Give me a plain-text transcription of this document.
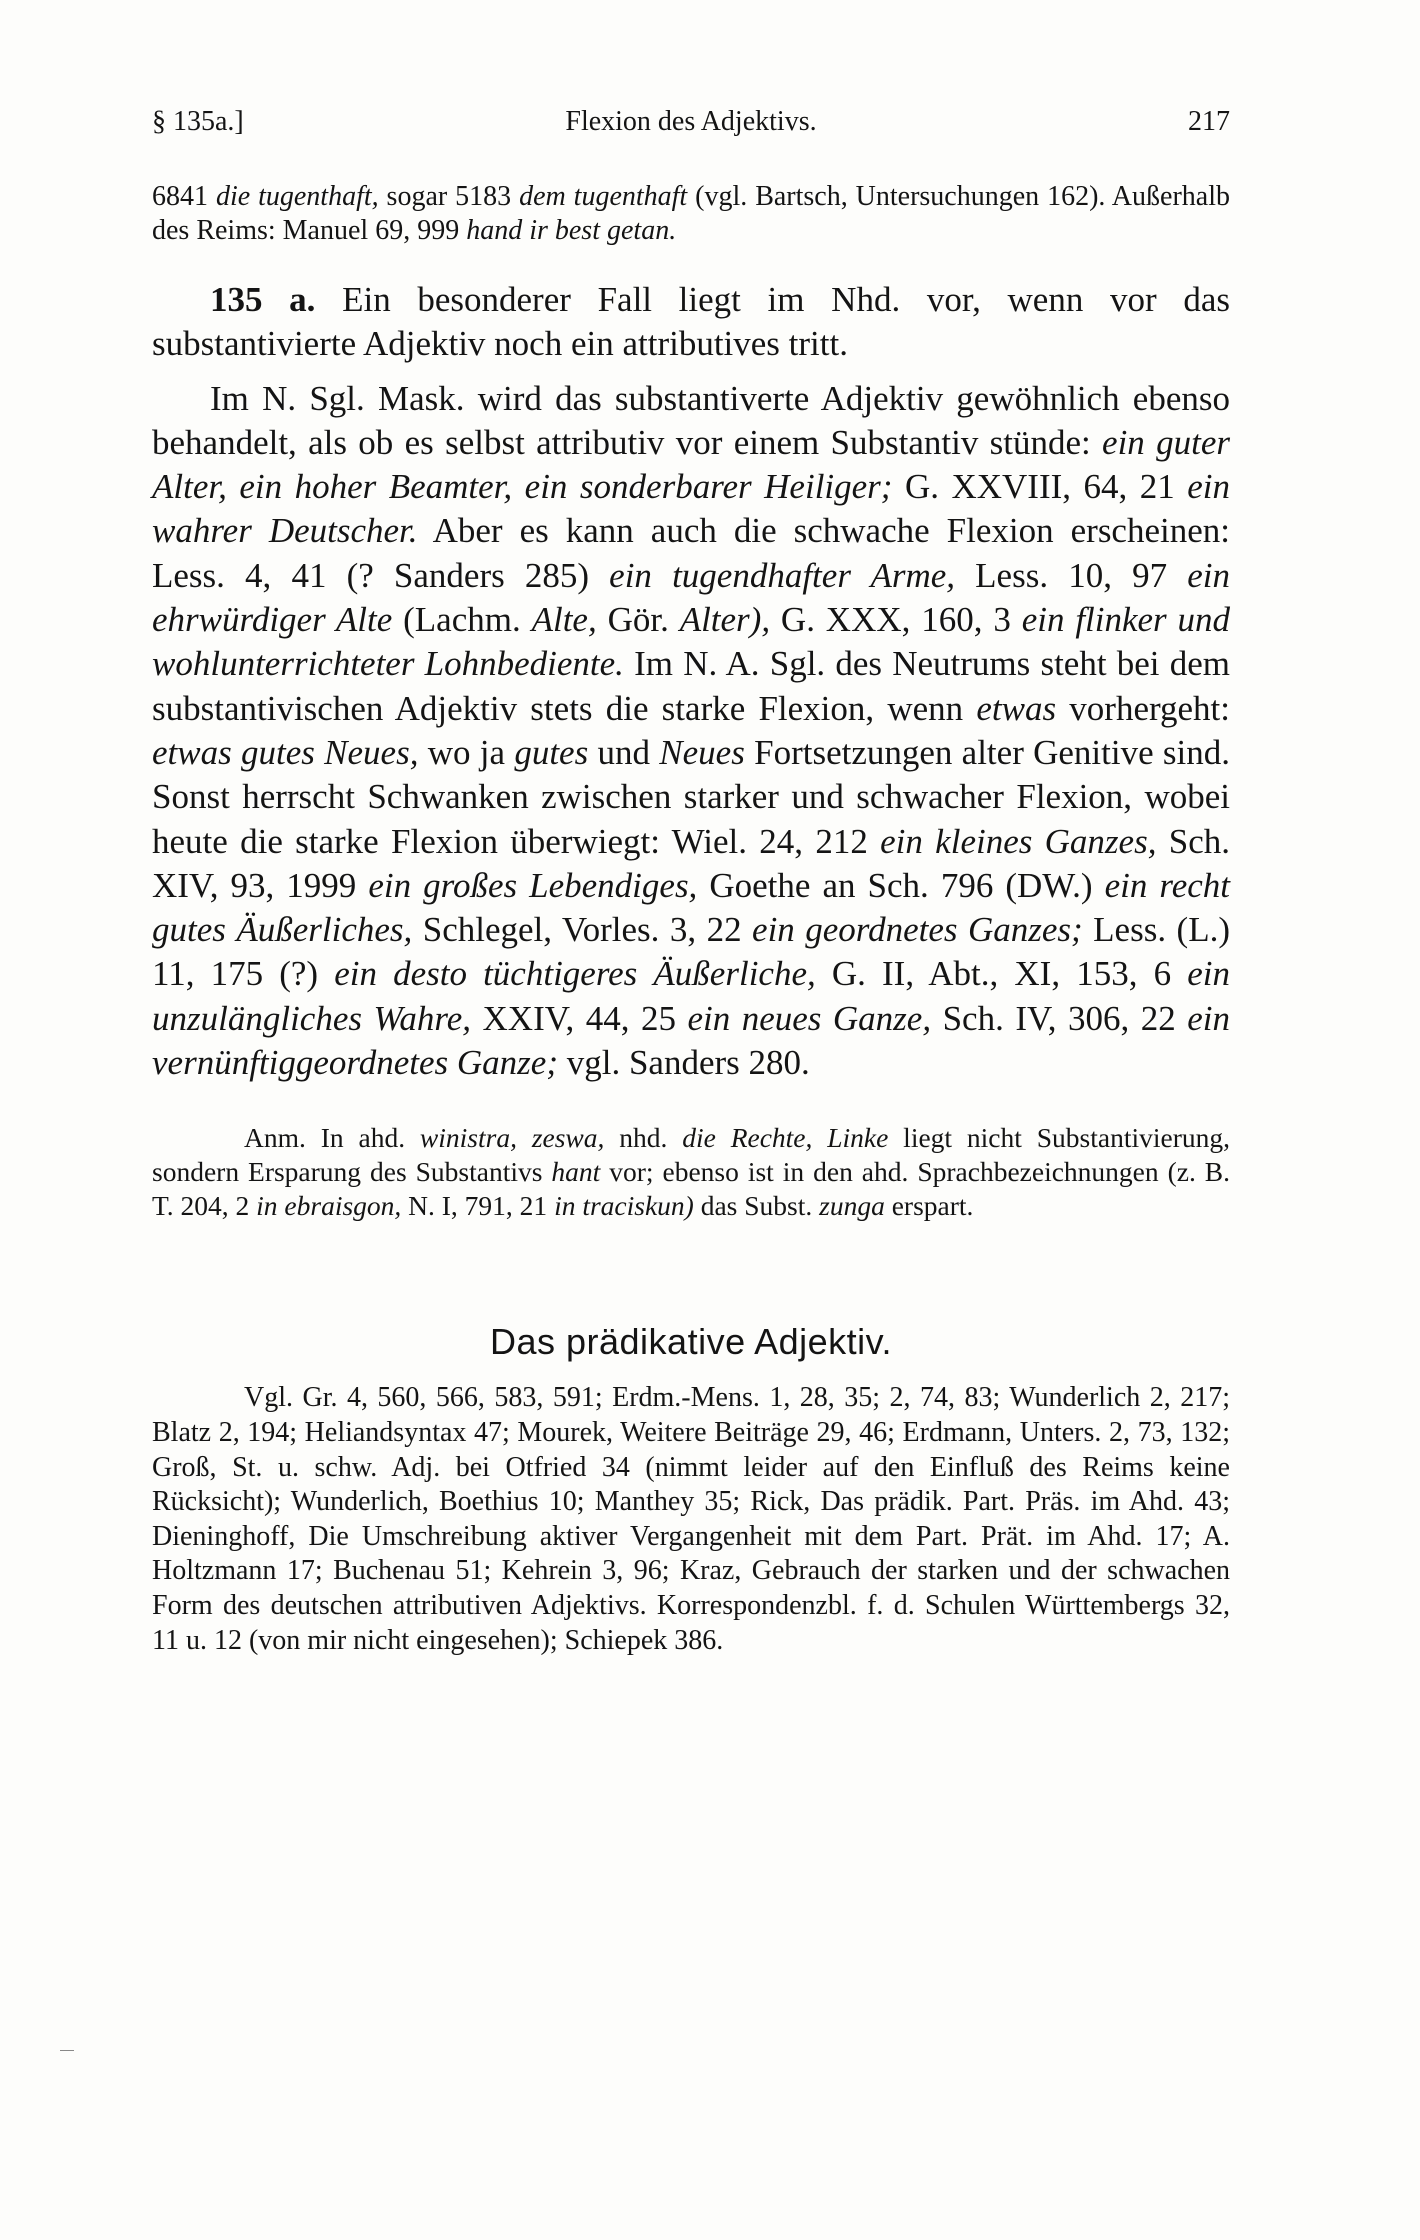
§ 135a.]	Flexion des Adjektivs.	217

6841 die tugenthaft, sogar 5183 dem tugenthaft (vgl. Bartsch, Untersuchungen 162). Außerhalb des Reims: Manuel 69, 999 hand ir best getan.

135 a. Ein besonderer Fall liegt im Nhd. vor, wenn vor das substantivierte Adjektiv noch ein attributives tritt.

Im N. Sgl. Mask. wird das substantiverte Adjektiv gewöhnlich ebenso behandelt, als ob es selbst attributiv vor einem Substantiv stünde: ein guter Alter, ein hoher Beamter, ein sonderbarer Heiliger; G. XXVIII, 64, 21 ein wahrer Deutscher. Aber es kann auch die schwache Flexion erscheinen: Less. 4, 41 (? Sanders 285) ein tugendhafter Arme, Less. 10, 97 ein ehrwürdiger Alte (Lachm. Alte, Gör. Alter), G. XXX, 160, 3 ein flinker und wohlunterrichteter Lohnbediente. Im N. A. Sgl. des Neutrums steht bei dem substantivischen Adjektiv stets die starke Flexion, wenn etwas vorhergeht: etwas gutes Neues, wo ja gutes und Neues Fortsetzungen alter Genitive sind. Sonst herrscht Schwanken zwischen starker und schwacher Flexion, wobei heute die starke Flexion überwiegt: Wiel. 24, 212 ein kleines Ganzes, Sch. XIV, 93, 1999 ein großes Lebendiges, Goethe an Sch. 796 (DW.) ein recht gutes Äußerliches, Schlegel, Vorles. 3, 22 ein geordnetes Ganzes; Less. (L.) 11, 175 (?) ein desto tüchtigeres Äußerliche, G. II, Abt., XI, 153, 6 ein unzulängliches Wahre, XXIV, 44, 25 ein neues Ganze, Sch. IV, 306, 22 ein vernünftiggeordnetes Ganze; vgl. Sanders 280.

Anm. In ahd. winistra, zeswa, nhd. die Rechte, Linke liegt nicht Substantivierung, sondern Ersparung des Substantivs hant vor; ebenso ist in den ahd. Sprachbezeichnungen (z. B. T. 204, 2 in ebraisgon, N. I, 791, 21 in traciskun) das Subst. zunga erspart.

Das prädikative Adjektiv.

Vgl. Gr. 4, 560, 566, 583, 591; Erdm.-Mens. 1, 28, 35; 2, 74, 83; Wunderlich 2, 217; Blatz 2, 194; Heliandsyntax 47; Mourek, Weitere Beiträge 29, 46; Erdmann, Unters. 2, 73, 132; Groß, St. u. schw. Adj. bei Otfried 34 (nimmt leider auf den Einfluß des Reims keine Rücksicht); Wunderlich, Boethius 10; Manthey 35; Rick, Das prädik. Part. Präs. im Ahd. 43; Dieninghoff, Die Umschreibung aktiver Vergangenheit mit dem Part. Prät. im Ahd. 17; A. Holtzmann 17; Buchenau 51; Kehrein 3, 96; Kraz, Gebrauch der starken und der schwachen Form des deutschen attributiven Adjektivs. Korrespondenzbl. f. d. Schulen Württembergs 32, 11 u. 12 (von mir nicht eingesehen); Schiepek 386.
